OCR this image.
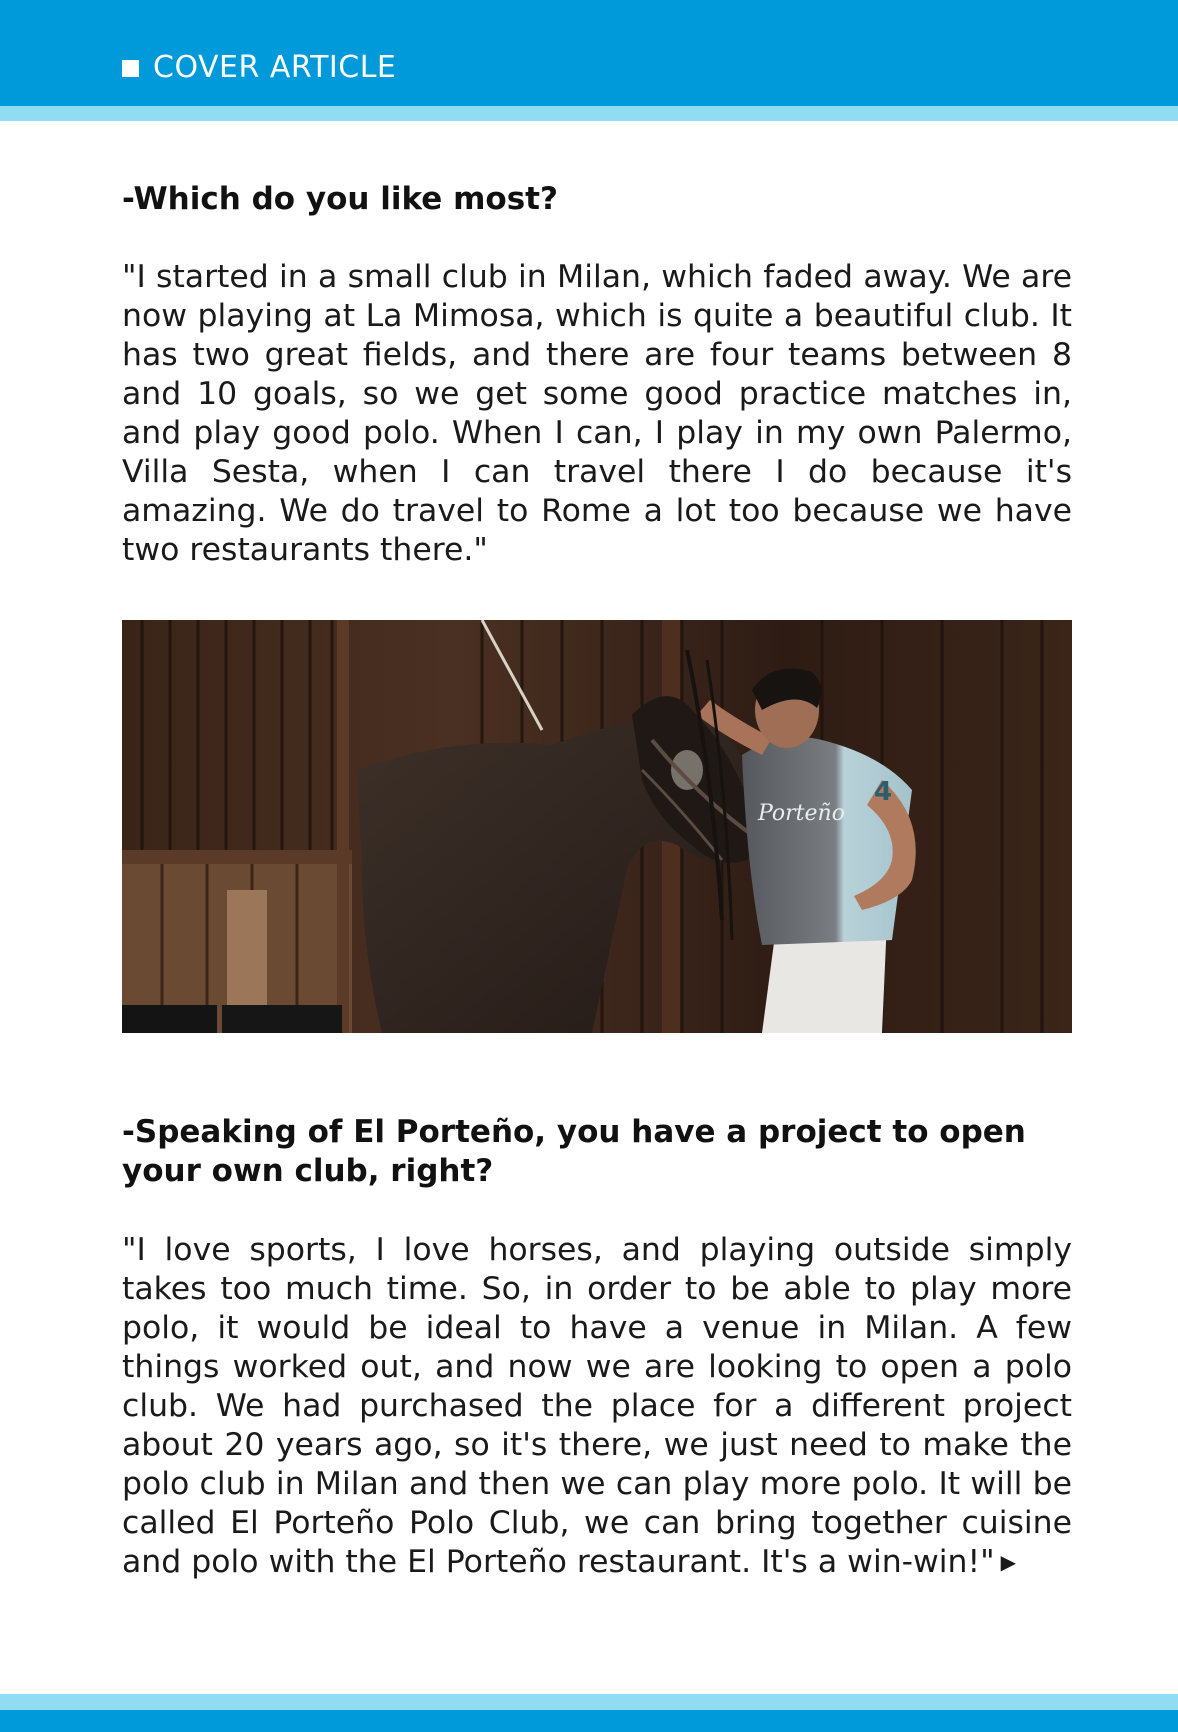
COVER ARTICLE
-Which do you like most?

"I started in a small club in Milan, which faded away. We are now playing at La Mimosa, which is quite a beautiful club. It has two great fields, and there are four teams between 8 and 10 goals, so we get some good practice matches in, and play good polo. When I can, I play in my own Palermo, Villa Sesta, when I can travel there I do because it's amazing. We do travel to Rome a lot too because we have two restaurants there."

4
Porteño
-Speaking of El Porteño, you have a project to open your own club, right?

"I love sports, I love horses, and playing outside simply takes too much time. So, in order to be able to play more polo, it would be ideal to have a venue in Milan. A few things worked out, and now we are looking to open a polo club. We had purchased the place for a different project about 20 years ago, so it's there, we just need to make the polo club in Milan and then we can play more polo. It will be called El Porteño Polo Club, we can bring together cuisine and polo with the El Porteño restaurant. It's a win-win!" ▶
